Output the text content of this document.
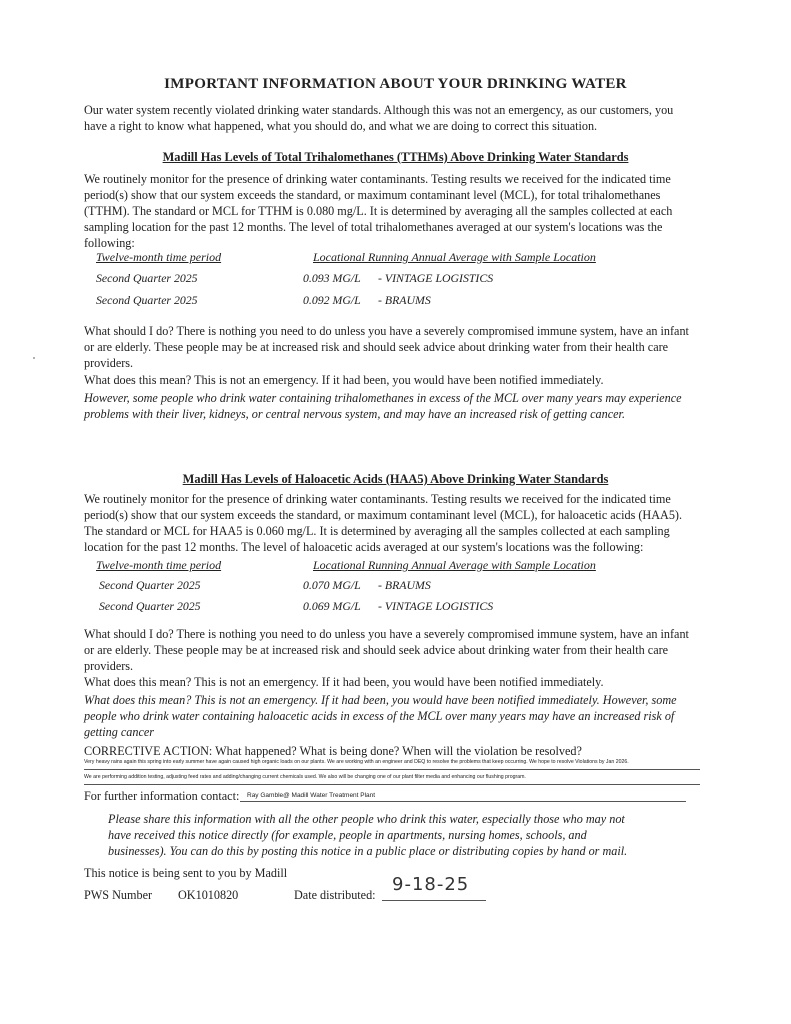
IMPORTANT INFORMATION ABOUT YOUR DRINKING WATER
Our water system recently violated drinking water standards. Although this was not an emergency, as our customers, you
have a right to know what happened, what you should do, and what we are doing to correct this situation.
Madill Has Levels of Total Trihalomethanes (TTHMs) Above Drinking Water Standards
We routinely monitor for the presence of drinking water contaminants. Testing results we received for the indicated time
period(s) show that our system exceeds the standard, or maximum contaminant level (MCL), for total trihalomethanes
(TTHM). The standard or MCL for TTHM is 0.080 mg/L. It is determined by averaging all the samples collected at each
sampling location for the past 12 months. The level of total trihalomethanes averaged at our system's locations was the
following:
Twelve-month time period	Locational Running Annual Average with Sample Location
Second Quarter 2025	0.093 MG/L - VINTAGE LOGISTICS
Second Quarter 2025	0.092 MG/L - BRAUMS
What should I do? There is nothing you need to do unless you have a severely compromised immune system, have an infant
or are elderly. These people may be at increased risk and should seek advice about drinking water from their health care
providers.
What does this mean? This is not an emergency. If it had been, you would have been notified immediately.
However, some people who drink water containing trihalomethanes in excess of the MCL over many years may experience
problems with their liver, kidneys, or central nervous system, and may have an increased risk of getting cancer.
Madill Has Levels of Haloacetic Acids (HAA5) Above Drinking Water Standards
We routinely monitor for the presence of drinking water contaminants. Testing results we received for the indicated time
period(s) show that our system exceeds the standard, or maximum contaminant level (MCL), for haloacetic acids (HAA5).
The standard or MCL for HAA5 is 0.060 mg/L. It is determined by averaging all the samples collected at each sampling
location for the past 12 months. The level of haloacetic acids averaged at our system's locations was the following:
Twelve-month time period	Locational Running Annual Average with Sample Location
Second Quarter 2025	0.070 MG/L - BRAUMS
Second Quarter 2025	0.069 MG/L - VINTAGE LOGISTICS
What should I do? There is nothing you need to do unless you have a severely compromised immune system, have an infant
or are elderly. These people may be at increased risk and should seek advice about drinking water from their health care
providers.
What does this mean? This is not an emergency. If it had been, you would have been notified immediately.
What does this mean? This is not an emergency. If it had been, you would have been notified immediately. However, some
people who drink water containing haloacetic acids in excess of the MCL over many years may have an increased risk of
getting cancer
CORRECTIVE ACTION: What happened? What is being done? When will the violation be resolved?
Very heavy rains again this spring into early summer have again caused high organic loads on our plants. We are working with an engineer and DEQ to resolve the problems that keep occurring. We hope to resolve Violations by Jan 2026.
We are performing addition testing, adjusting feed rates and adding/changing current chemicals used. We also will be changing one of our plant filter media and enhancing our flushing program.
For further information contact: Ray Gamble@ Madill Water Treatment Plant
Please share this information with all the other people who drink this water, especially those who may not
have received this notice directly (for example, people in apartments, nursing homes, schools, and
businesses). You can do this by posting this notice in a public place or distributing copies by hand or mail.
This notice is being sent to you by Madill
PWS Number OK1010820	Date distributed: 9-18-25
